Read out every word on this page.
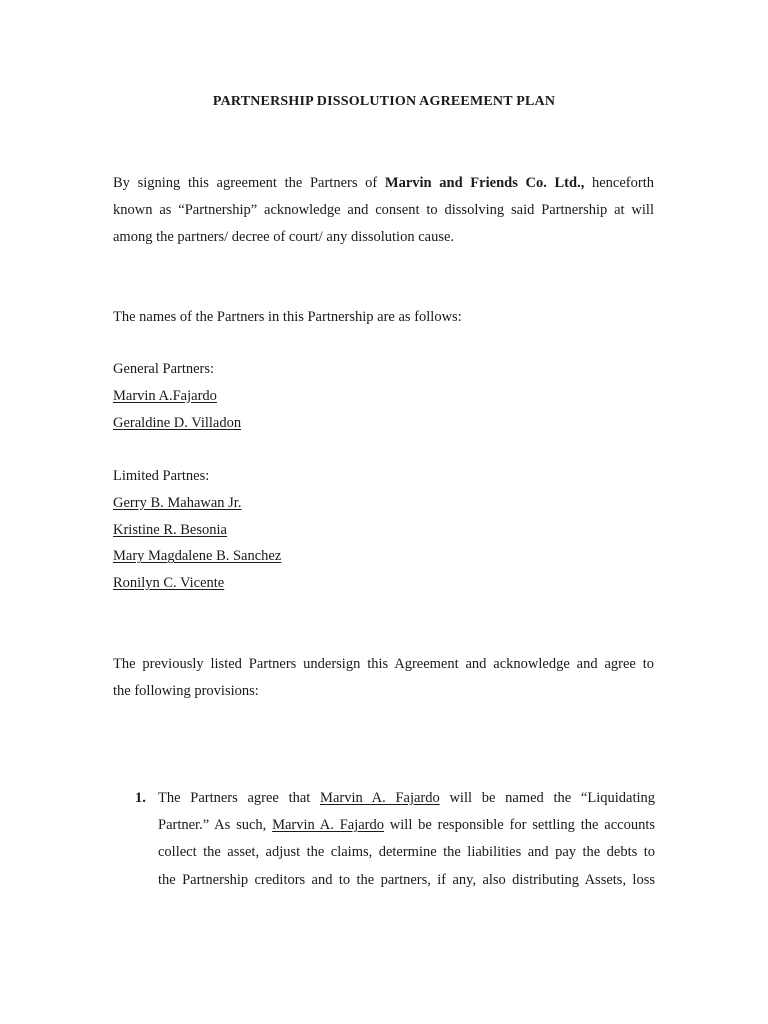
PARTNERSHIP DISSOLUTION AGREEMENT PLAN
By signing this agreement the Partners of Marvin and Friends Co. Ltd., henceforth
known as “Partnership” acknowledge and consent to dissolving said Partnership at will
among the partners/ decree of court/ any dissolution cause.
The names of the Partners in this Partnership are as follows:
General Partners:
Marvin A.Fajardo
Geraldine D. Villadon
Limited Partnes:
Gerry B. Mahawan Jr.
Kristine R. Besonia
Mary Magdalene B. Sanchez
Ronilyn C. Vicente
The previously listed Partners undersign this Agreement and acknowledge and agree to
the following provisions:
1. The Partners agree that Marvin A. Fajardo will be named the “Liquidating
Partner.” As such, Marvin A. Fajardo will be responsible for settling the accounts
collect the asset, adjust the claims, determine the liabilities and pay the debts to
the Partnership creditors and to the partners, if any, also distributing Assets, loss
